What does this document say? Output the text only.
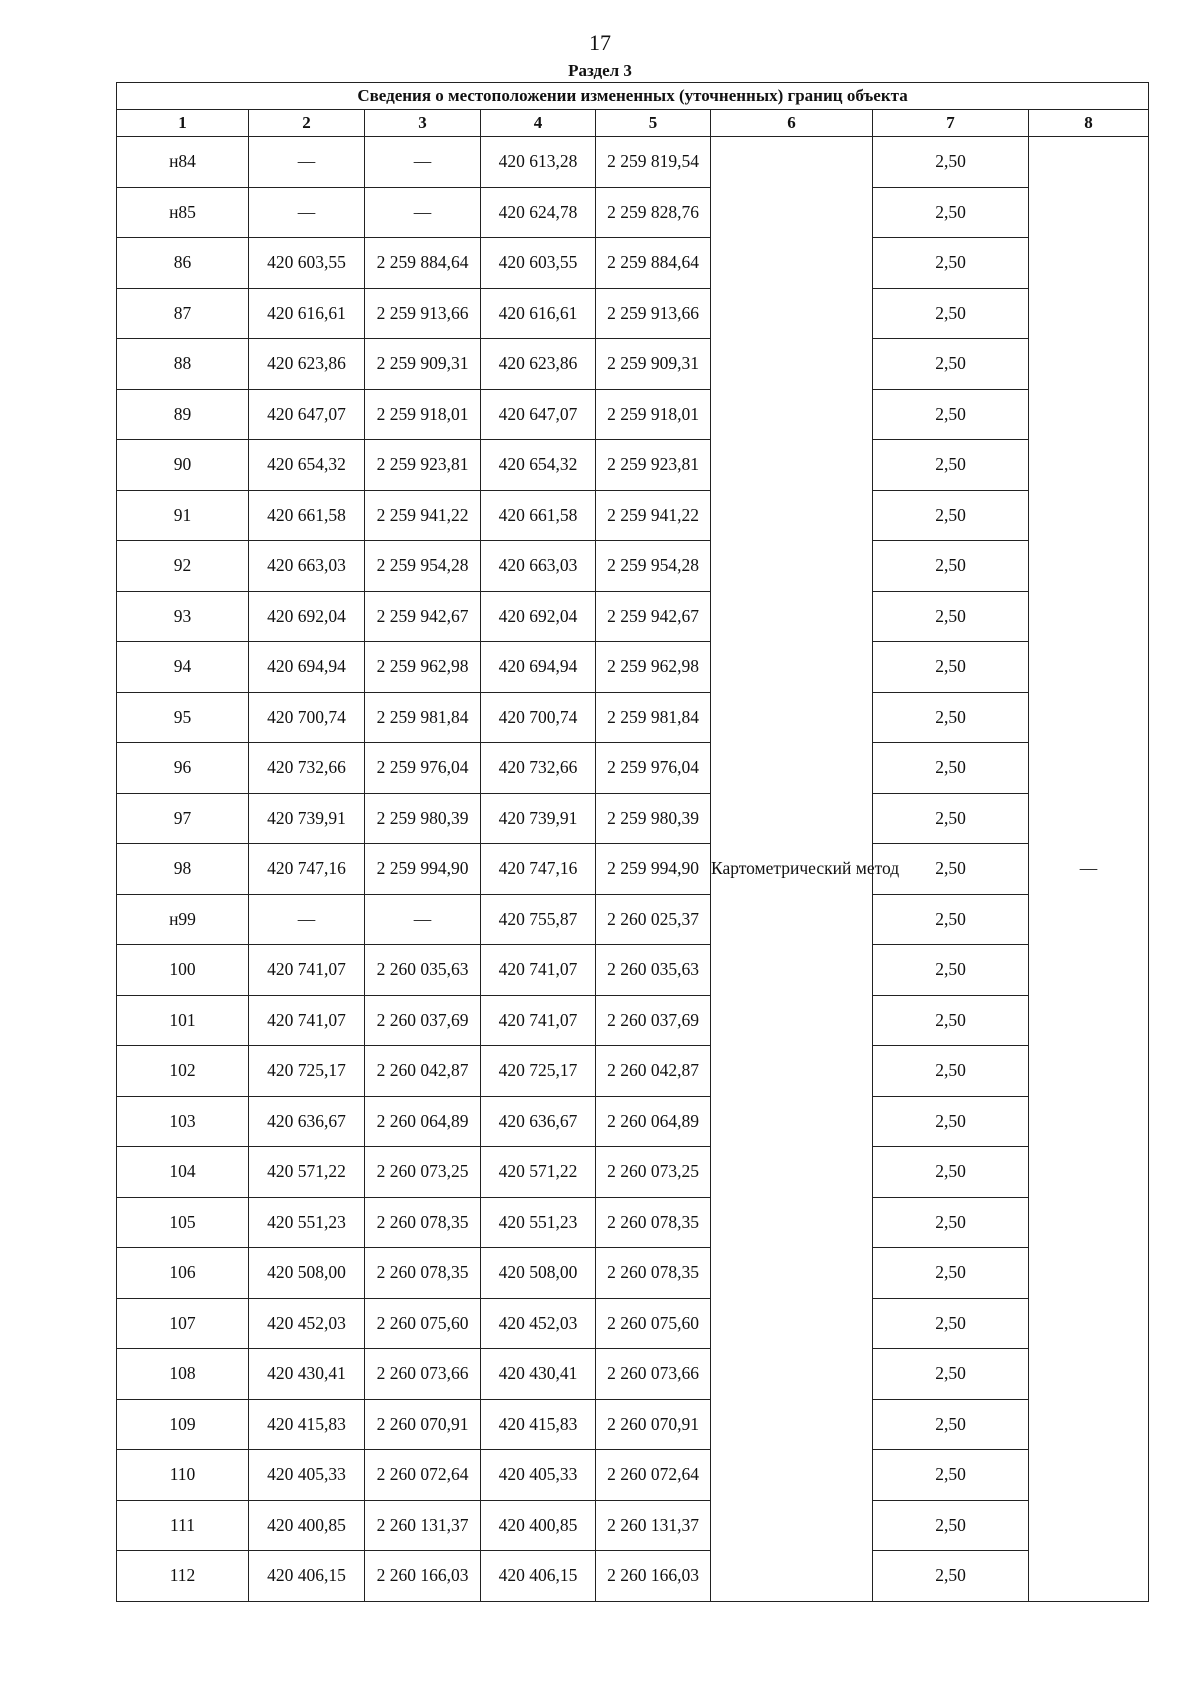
17
Раздел 3
Сведения о местоположении измененных (уточненных) границ объекта							
1	2	3	4	5	6	7	8
н84	—	—	420 613,28	2 259 819,54	Картометрический метод	2,50	—
н85	—	—	420 624,78	2 259 828,76		2,50	
86	420 603,55	2 259 884,64	420 603,55	2 259 884,64		2,50	
87	420 616,61	2 259 913,66	420 616,61	2 259 913,66		2,50	
88	420 623,86	2 259 909,31	420 623,86	2 259 909,31		2,50	
89	420 647,07	2 259 918,01	420 647,07	2 259 918,01		2,50	
90	420 654,32	2 259 923,81	420 654,32	2 259 923,81		2,50	
91	420 661,58	2 259 941,22	420 661,58	2 259 941,22		2,50	
92	420 663,03	2 259 954,28	420 663,03	2 259 954,28		2,50	
93	420 692,04	2 259 942,67	420 692,04	2 259 942,67		2,50	
94	420 694,94	2 259 962,98	420 694,94	2 259 962,98		2,50	
95	420 700,74	2 259 981,84	420 700,74	2 259 981,84		2,50	
96	420 732,66	2 259 976,04	420 732,66	2 259 976,04		2,50	
97	420 739,91	2 259 980,39	420 739,91	2 259 980,39		2,50	
98	420 747,16	2 259 994,90	420 747,16	2 259 994,90		2,50	
н99	—	—	420 755,87	2 260 025,37		2,50	
100	420 741,07	2 260 035,63	420 741,07	2 260 035,63		2,50	
101	420 741,07	2 260 037,69	420 741,07	2 260 037,69		2,50	
102	420 725,17	2 260 042,87	420 725,17	2 260 042,87		2,50	
103	420 636,67	2 260 064,89	420 636,67	2 260 064,89		2,50	
104	420 571,22	2 260 073,25	420 571,22	2 260 073,25		2,50	
105	420 551,23	2 260 078,35	420 551,23	2 260 078,35		2,50	
106	420 508,00	2 260 078,35	420 508,00	2 260 078,35		2,50	
107	420 452,03	2 260 075,60	420 452,03	2 260 075,60		2,50	
108	420 430,41	2 260 073,66	420 430,41	2 260 073,66		2,50	
109	420 415,83	2 260 070,91	420 415,83	2 260 070,91		2,50	
110	420 405,33	2 260 072,64	420 405,33	2 260 072,64		2,50	
111	420 400,85	2 260 131,37	420 400,85	2 260 131,37		2,50	
112	420 406,15	2 260 166,03	420 406,15	2 260 166,03		2,50	
